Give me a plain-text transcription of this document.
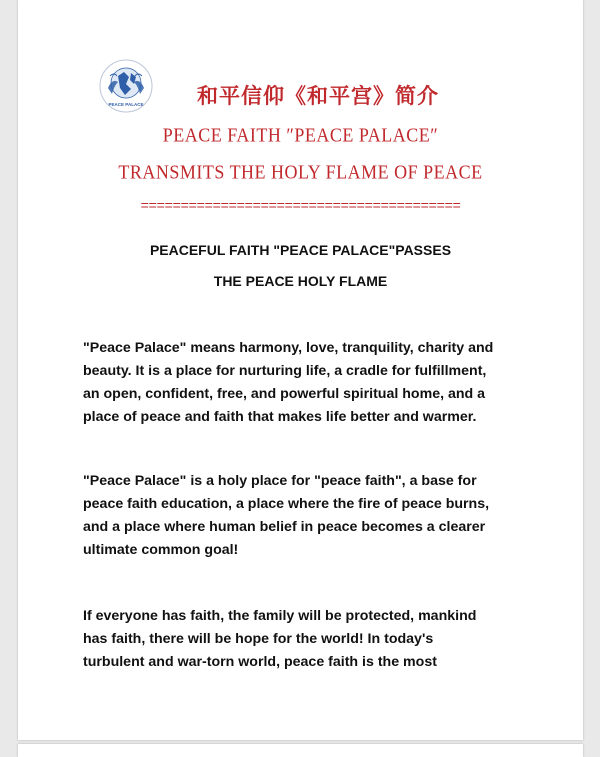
PEACE PALACE	和平信仰《和平宫》简介
PEACE FAITH ″PEACE PALACE″
TRANSMITS THE HOLY FLAME OF PEACE
========================================
PEACEFUL FAITH "PEACE PALACE"PASSES
THE PEACE HOLY FLAME
"Peace Palace" means harmony, love, tranquility, charity and
beauty. It is a place for nurturing life, a cradle for fulfillment,
an open, confident, free, and powerful spiritual home, and a
place of peace and faith that makes life better and warmer.
"Peace Palace" is a holy place for "peace faith", a base for
peace faith education, a place where the fire of peace burns,
and a place where human belief in peace becomes a clearer
ultimate common goal!
If everyone has faith, the family will be protected, mankind
has faith, there will be hope for the world! In today's
turbulent and war-torn world, peace faith is the most
